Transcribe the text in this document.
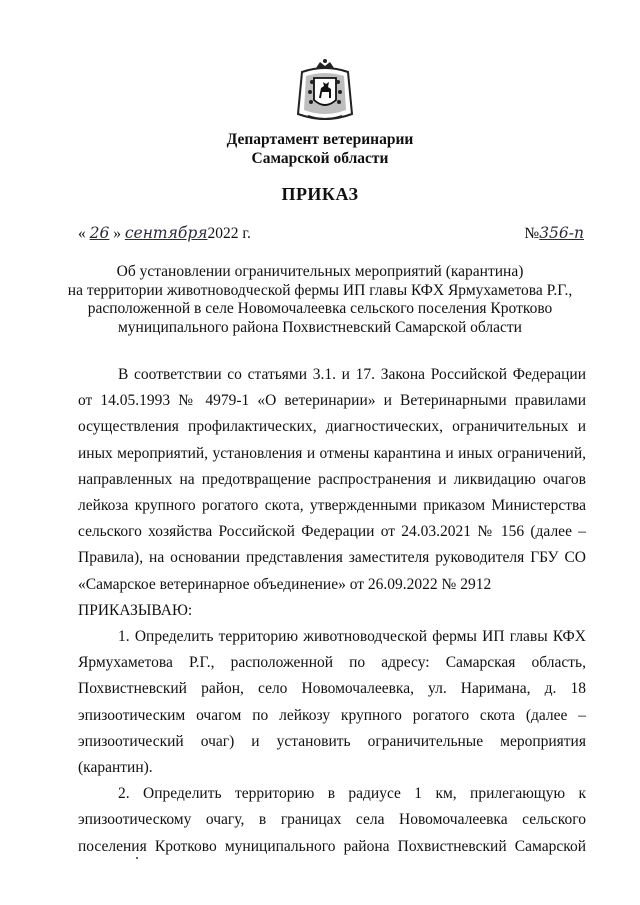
Департамент ветеринарии
Самарской области
ПРИКАЗ
« 26 » сентября2022 г.	№356-п
Об установлении ограничительных мероприятий (карантина)
на территории животноводческой фермы ИП главы КФХ Ярмухаметова Р.Г.,
расположенной в селе Новомочалеевка сельского поселения Кротково
муниципального района Похвистневский Самарской области

В соответствии со статьями 3.1. и 17. Закона Российской Федерации от 14.05.1993 № 4979-1 «О ветеринарии» и Ветеринарными правилами осуществления профилактических, диагностических, ограничительных и иных мероприятий, установления и отмены карантина и иных ограничений, направленных на предотвращение распространения и ликвидацию очагов лейкоза крупного рогатого скота, утвержденными приказом Министерства сельского хозяйства Российской Федерации от 24.03.2021 № 156 (далее – Правила), на основании представления заместителя руководителя ГБУ СО «Самарское ветеринарное объединение» от 26.09.2022 № 2912

ПРИКАЗЫВАЮ:

1. Определить территорию животноводческой фермы ИП главы КФХ Ярмухаметова Р.Г., расположенной по адресу: Самарская область, Похвистневский район, село Новомочалеевка, ул. Наримана, д. 18 эпизоотическим очагом по лейкозу крупного рогатого скота (далее – эпизоотический очаг) и установить ограничительные мероприятия (карантин).

2. Определить территорию в радиусе 1 км, прилегающую к эпизоотическому очагу, в границах села Новомочалеевка сельского поселения Кротково муниципального района Похвистневский Самарской
